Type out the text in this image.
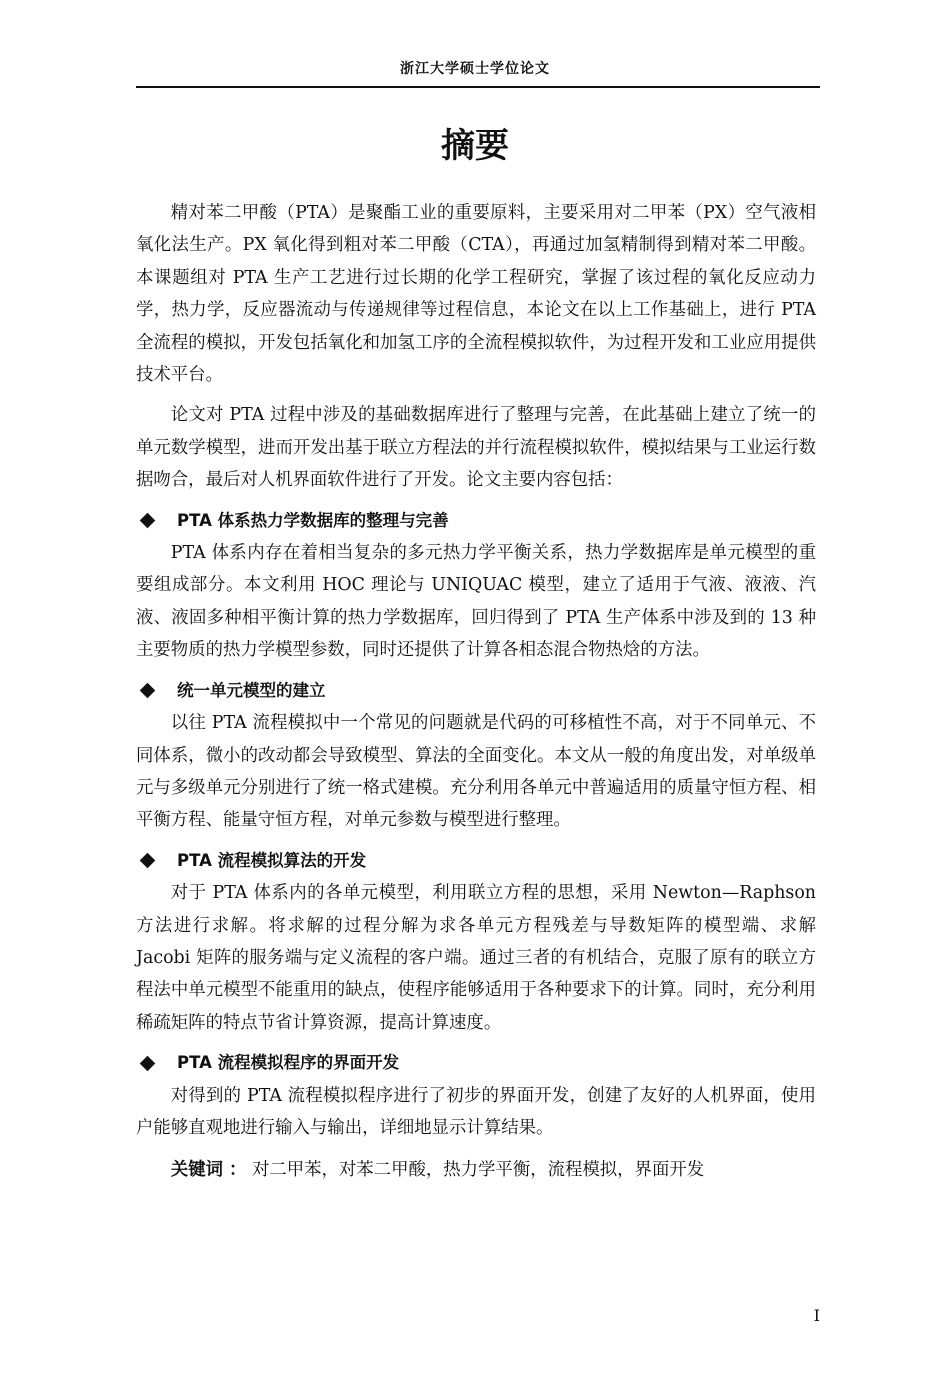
浙江大学硕士学位论文
摘要

精对苯二甲酸（PTA）是聚酯工业的重要原料，主要采用对二甲苯（PX）空气液相氧化法生产。PX 氧化得到粗对苯二甲酸（CTA），再通过加氢精制得到精对苯二甲酸。本课题组对 PTA 生产工艺进行过长期的化学工程研究，掌握了该过程的氧化反应动力学，热力学，反应器流动与传递规律等过程信息，本论文在以上工作基础上，进行 PTA 全流程的模拟，开发包括氧化和加氢工序的全流程模拟软件，为过程开发和工业应用提供技术平台。

论文对 PTA 过程中涉及的基础数据库进行了整理与完善，在此基础上建立了统一的单元数学模型，进而开发出基于联立方程法的并行流程模拟软件，模拟结果与工业运行数据吻合，最后对人机界面软件进行了开发。论文主要内容包括：

PTA 体系热力学数据库的整理与完善

PTA 体系内存在着相当复杂的多元热力学平衡关系，热力学数据库是单元模型的重要组成部分。本文利用 HOC 理论与 UNIQUAC 模型，建立了适用于气液、液液、汽液、液固多种相平衡计算的热力学数据库，回归得到了 PTA 生产体系中涉及到的 13 种主要物质的热力学模型参数，同时还提供了计算各相态混合物热焓的方法。

统一单元模型的建立

以往 PTA 流程模拟中一个常见的问题就是代码的可移植性不高，对于不同单元、不同体系，微小的改动都会导致模型、算法的全面变化。本文从一般的角度出发，对单级单元与多级单元分别进行了统一格式建模。充分利用各单元中普遍适用的质量守恒方程、相平衡方程、能量守恒方程，对单元参数与模型进行整理。

PTA 流程模拟算法的开发

对于 PTA 体系内的各单元模型，利用联立方程的思想，采用 Newton—Raphson 方法进行求解。将求解的过程分解为求各单元方程残差与导数矩阵的模型端、求解 Jacobi 矩阵的服务端与定义流程的客户端。通过三者的有机结合，克服了原有的联立方程法中单元模型不能重用的缺点，使程序能够适用于各种要求下的计算。同时，充分利用稀疏矩阵的特点节省计算资源，提高计算速度。

PTA 流程模拟程序的界面开发

对得到的 PTA 流程模拟程序进行了初步的界面开发，创建了友好的人机界面，使用户能够直观地进行输入与输出，详细地显示计算结果。

关键词 ： 对二甲苯，对苯二甲酸，热力学平衡，流程模拟，界面开发

I
